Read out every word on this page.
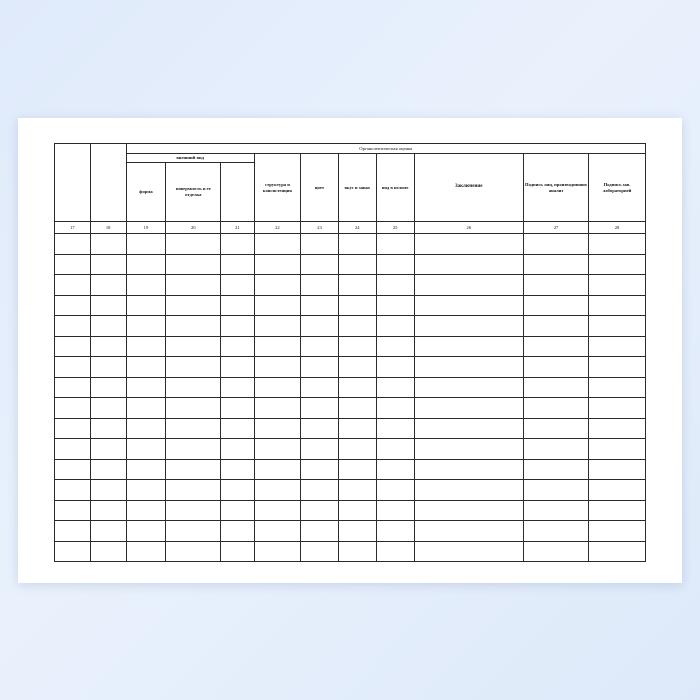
		Органолептическая оценка									
		внешний вид			структура и консистенция	цвет	вкус и запах	вид в изломе	Заключение	Подпись лиц, производивших анализ	Подпись зав. лабораторией

		форма	поверхность и ее отделка								

17	18	19	20	21	22	23	24	25	26	27	28
